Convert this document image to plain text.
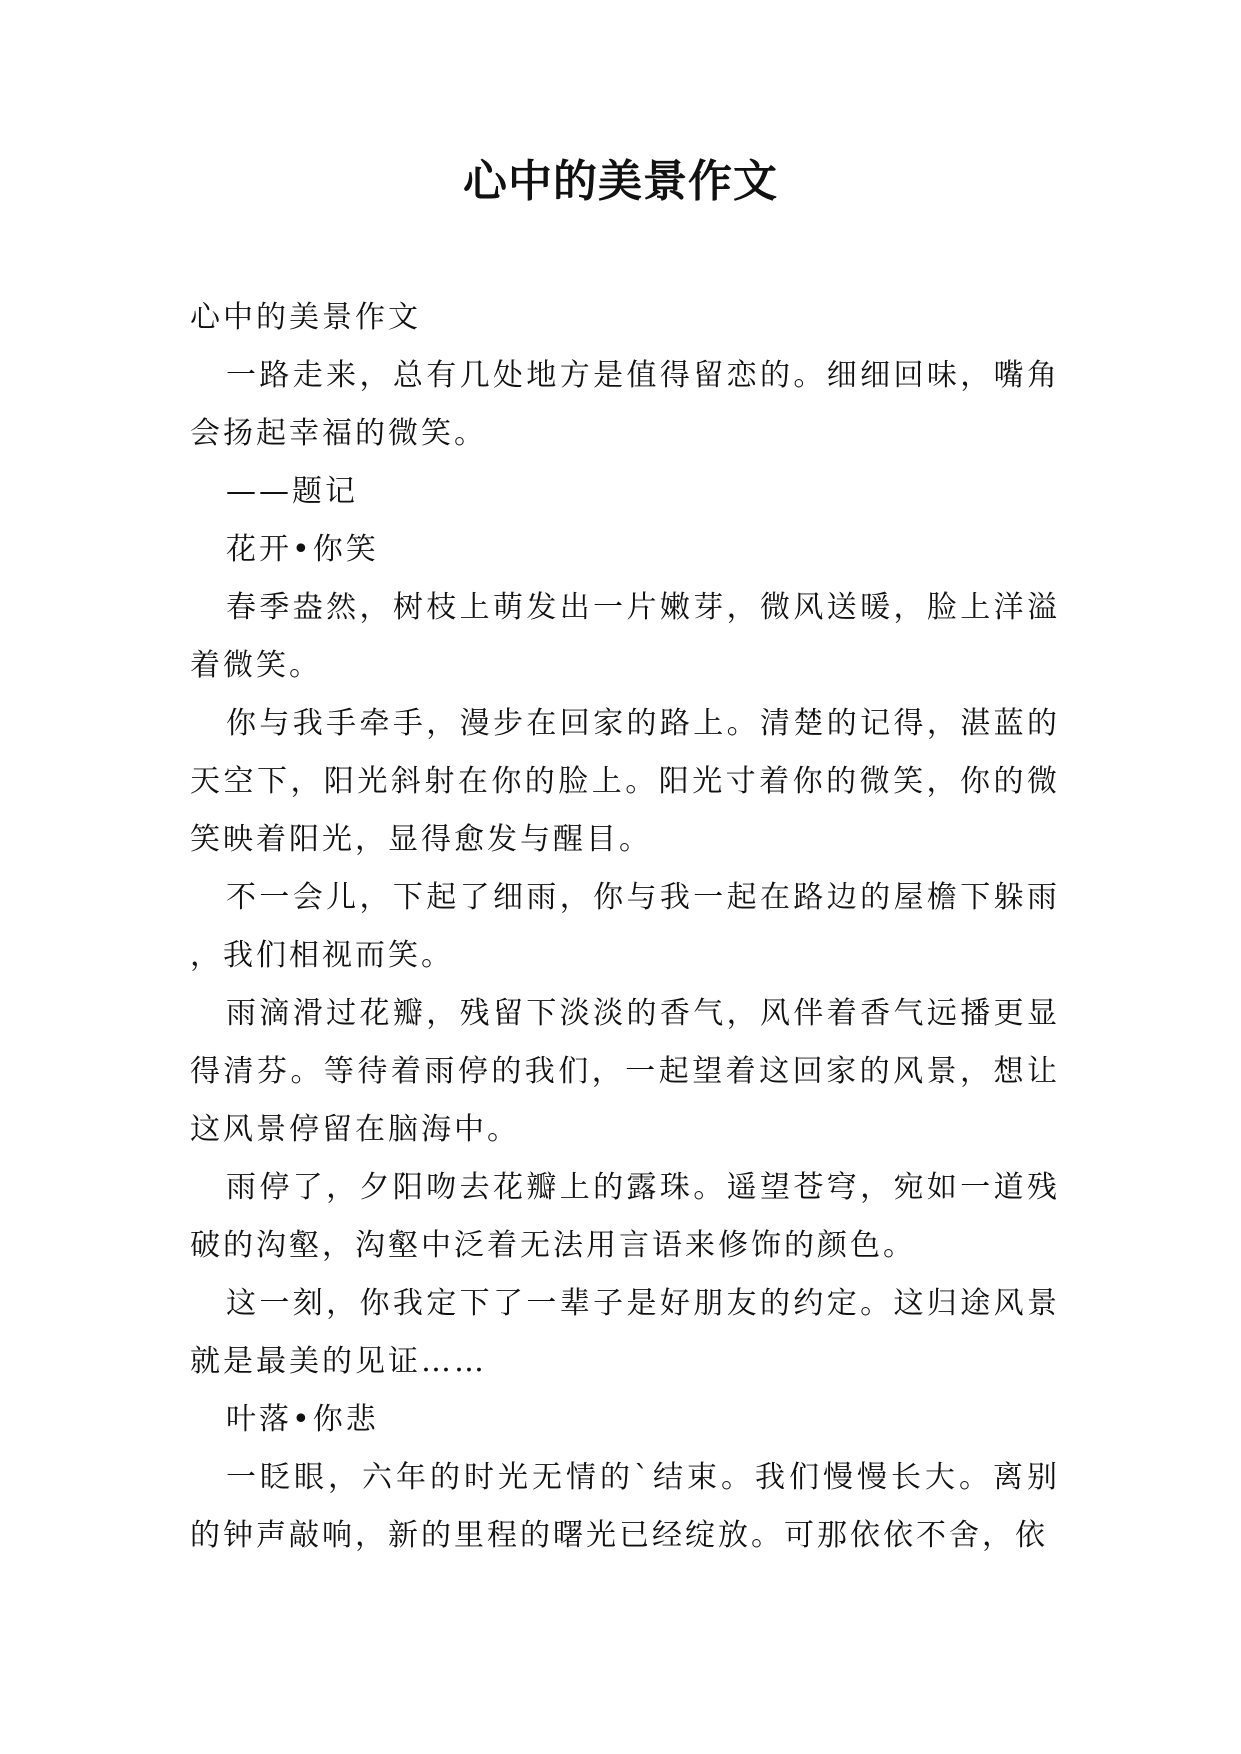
心中的美景作文

心中的美景作文

一路走来，总有几处地方是值得留恋的。细细回味，嘴角会扬起幸福的微笑。

——题记

花开•你笑

春季盎然，树枝上萌发出一片嫩芽，微风送暖，脸上洋溢着微笑。

你与我手牵手，漫步在回家的路上。清楚的记得，湛蓝的天空下，阳光斜射在你的脸上。阳光寸着你的微笑，你的微笑映着阳光，显得愈发与醒目。

不一会儿，下起了细雨，你与我一起在路边的屋檐下躲雨，我们相视而笑。

雨滴滑过花瓣，残留下淡淡的香气，风伴着香气远播更显得清芬。等待着雨停的我们，一起望着这回家的风景，想让这风景停留在脑海中。

雨停了，夕阳吻去花瓣上的露珠。遥望苍穹，宛如一道残破的沟壑，沟壑中泛着无法用言语来修饰的颜色。

这一刻，你我定下了一辈子是好朋友的约定。这归途风景就是最美的见证……

叶落•你悲

一眨眼，六年的时光无情的`结束。我们慢慢长大。离别的钟声敲响，新的里程的曙光已经绽放。可那依依不舍，依
